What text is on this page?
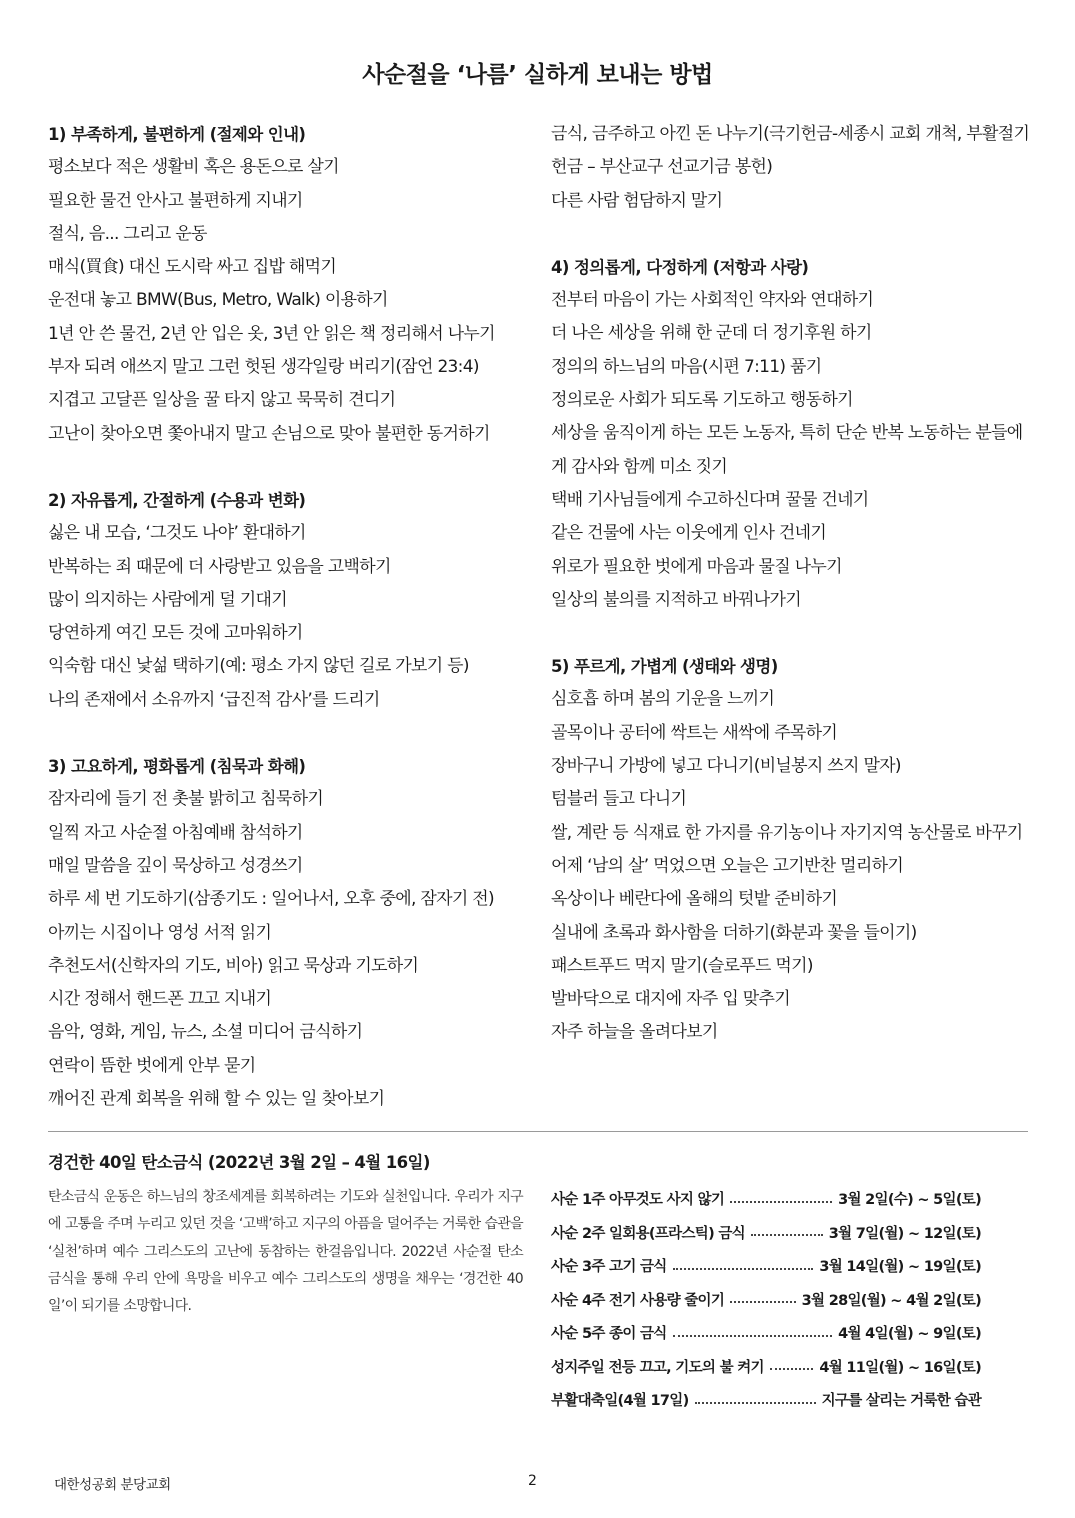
사순절을 ‘나름’ 실하게 보내는 방법
1) 부족하게, 불편하게 (절제와 인내)
평소보다 적은 생활비 혹은 용돈으로 살기
필요한 물건 안사고 불편하게 지내기
절식, 음... 그리고 운동
매식(買食) 대신 도시락 싸고 집밥 해먹기
운전대 놓고 BMW(Bus, Metro, Walk) 이용하기
1년 안 쓴 물건, 2년 안 입은 옷, 3년 안 읽은 책 정리해서 나누기
부자 되려 애쓰지 말고 그런 헛된 생각일랑 버리기(잠언 23:4)
지겹고 고달픈 일상을 꿀 타지 않고 묵묵히 견디기
고난이 찾아오면 쫓아내지 말고 손님으로 맞아 불편한 동거하기
2) 자유롭게, 간절하게 (수용과 변화)
싫은 내 모습, ‘그것도 나야’ 환대하기
반복하는 죄 때문에 더 사랑받고 있음을 고백하기
많이 의지하는 사람에게 덜 기대기
당연하게 여긴 모든 것에 고마워하기
익숙함 대신 낯섦 택하기(예: 평소 가지 않던 길로 가보기 등)
나의 존재에서 소유까지 ‘급진적 감사’를 드리기
3) 고요하게, 평화롭게 (침묵과 화해)
잠자리에 들기 전 촛불 밝히고 침묵하기
일찍 자고 사순절 아침예배 참석하기
매일 말씀을 깊이 묵상하고 성경쓰기
하루 세 번 기도하기(삼종기도 : 일어나서, 오후 중에, 잠자기 전)
아끼는 시집이나 영성 서적 읽기
추천도서(신학자의 기도, 비아) 읽고 묵상과 기도하기
시간 정해서 핸드폰 끄고 지내기
음악, 영화, 게임, 뉴스, 소셜 미디어 금식하기
연락이 뜸한 벗에게 안부 묻기
깨어진 관계 회복을 위해 할 수 있는 일 찾아보기
금식, 금주하고 아낀 돈 나누기(극기헌금-세종시 교회 개척, 부활절기헌금 – 부산교구 선교기금 봉헌)
다른 사람 험담하지 말기
4) 정의롭게, 다정하게 (저항과 사랑)
전부터 마음이 가는 사회적인 약자와 연대하기
더 나은 세상을 위해 한 군데 더 정기후원 하기
정의의 하느님의 마음(시편 7:11) 품기
정의로운 사회가 되도록 기도하고 행동하기
세상을 움직이게 하는 모든 노동자, 특히 단순 반복 노동하는 분들에게 감사와 함께 미소 짓기
택배 기사님들에게 수고하신다며 꿀물 건네기
같은 건물에 사는 이웃에게 인사 건네기
위로가 필요한 벗에게 마음과 물질 나누기
일상의 불의를 지적하고 바꿔나가기
5) 푸르게, 가볍게 (생태와 생명)
심호흡 하며 봄의 기운을 느끼기
골목이나 공터에 싹트는 새싹에 주목하기
장바구니 가방에 넣고 다니기(비닐봉지 쓰지 말자)
텀블러 들고 다니기
쌀, 계란 등 식재료 한 가지를 유기농이나 자기지역 농산물로 바꾸기
어제 ‘남의 살’ 먹었으면 오늘은 고기반찬 멀리하기
옥상이나 베란다에 올해의 텃밭 준비하기
실내에 초록과 화사함을 더하기(화분과 꽃을 들이기)
패스트푸드 먹지 말기(슬로푸드 먹기)
발바닥으로 대지에 자주 입 맞추기
자주 하늘을 올려다보기
경건한 40일 탄소금식 (2022년 3월 2일 – 4월 16일)
탄소금식 운동은 하느님의 창조세계를 회복하려는 기도와 실천입니다. 우리가 지구에 고통을 주며 누리고 있던 것을 ‘고백’하고 지구의 아픔을 덜어주는 거룩한 습관을 ‘실천’하며 예수 그리스도의 고난에 동참하는 한걸음입니다. 2022년 사순절 탄소 금식을 통해 우리 안에 욕망을 비우고 예수 그리스도의 생명을 채우는 ‘경건한 40일’이 되기를 소망합니다.
사순 1주 아무것도 사지 않기	3월 2일(수) ~ 5일(토)
사순 2주 일회용(프라스틱) 금식	3월 7일(월) ~ 12일(토)
사순 3주 고기 금식	3월 14일(월) ~ 19일(토)
사순 4주 전기 사용량 줄이기	3월 28일(월) ~ 4월 2일(토)
사순 5주 종이 금식	4월 4일(월) ~ 9일(토)
성지주일 전등 끄고, 기도의 불 켜기	4월 11일(월) ~ 16일(토)
부활대축일(4월 17일)	지구를 살리는 거룩한 습관
대한성공회 분당교회	2
